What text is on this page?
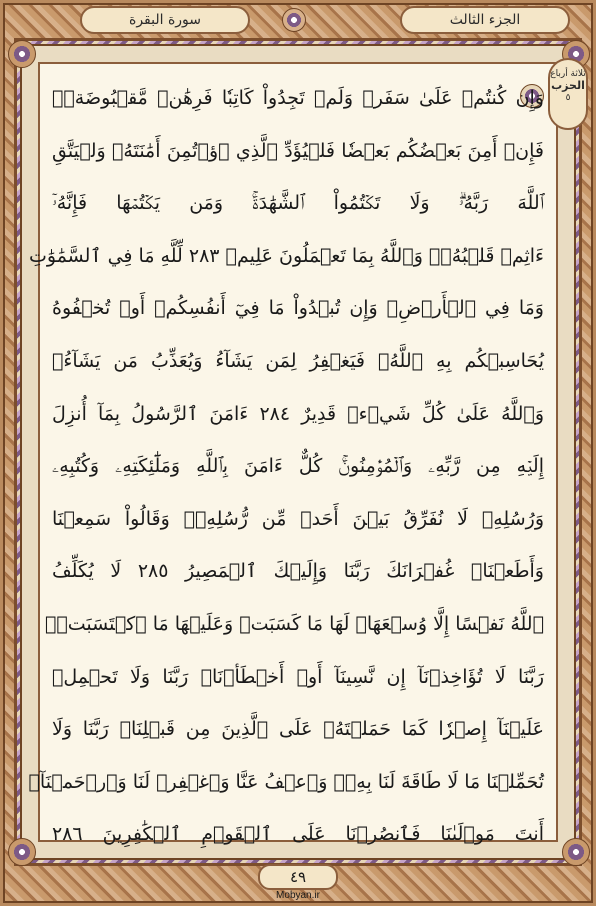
سورة البقرة	الجزء الثالث
ثلاثة أرباع
الحزب
٥
وَإِن كُنتُمۡ عَلَىٰ سَفَرٖ وَلَمۡ تَجِدُواْ كَاتِبٗا فَرِهَٰنٞ مَّقۡبُوضَةٞۖ
فَإِنۡ أَمِنَ بَعۡضُكُم بَعۡضٗا فَلۡيُؤَدِّ ٱلَّذِي ٱؤۡتُمِنَ أَمَٰنَتَهُۥ وَلۡيَتَّقِ
ٱللَّهَ رَبَّهُۥۗ وَلَا تَكۡتُمُواْ ٱلشَّهَٰدَةَۚ وَمَن يَكۡتُمۡهَا فَإِنَّهُۥٓ
ءَاثِمٞ قَلۡبُهُۥۗ وَٱللَّهُ بِمَا تَعۡمَلُونَ عَلِيمٞ ٢٨٣ لِّلَّهِ مَا فِي ٱلسَّمَٰوَٰتِ
وَمَا فِي ٱلۡأَرۡضِۗ وَإِن تُبۡدُواْ مَا فِيٓ أَنفُسِكُمۡ أَوۡ تُخۡفُوهُ
يُحَاسِبۡكُم بِهِ ٱللَّهُۖ فَيَغۡفِرُ لِمَن يَشَآءُ وَيُعَذِّبُ مَن يَشَآءُۗ
وَٱللَّهُ عَلَىٰ كُلِّ شَيۡءٖ قَدِيرٌ ٢٨٤ ءَامَنَ ٱلرَّسُولُ بِمَآ أُنزِلَ
إِلَيۡهِ مِن رَّبِّهِۦ وَٱلۡمُؤۡمِنُونَۚ كُلٌّ ءَامَنَ بِٱللَّهِ وَمَلَٰٓئِكَتِهِۦ وَكُتُبِهِۦ
وَرُسُلِهِۦ لَا نُفَرِّقُ بَيۡنَ أَحَدٖ مِّن رُّسُلِهِۦۚ وَقَالُواْ سَمِعۡنَا
وَأَطَعۡنَاۖ غُفۡرَانَكَ رَبَّنَا وَإِلَيۡكَ ٱلۡمَصِيرُ ٢٨٥ لَا يُكَلِّفُ
ٱللَّهُ نَفۡسًا إِلَّا وُسۡعَهَاۚ لَهَا مَا كَسَبَتۡ وَعَلَيۡهَا مَا ٱكۡتَسَبَتۡۗ
رَبَّنَا لَا تُؤَاخِذۡنَآ إِن نَّسِينَآ أَوۡ أَخۡطَأۡنَاۚ رَبَّنَا وَلَا تَحۡمِلۡ
عَلَيۡنَآ إِصۡرٗا كَمَا حَمَلۡتَهُۥ عَلَى ٱلَّذِينَ مِن قَبۡلِنَاۚ رَبَّنَا وَلَا
تُحَمِّلۡنَا مَا لَا طَاقَةَ لَنَا بِهِۦۖ وَٱعۡفُ عَنَّا وَٱغۡفِرۡ لَنَا وَٱرۡحَمۡنَآۚ
أَنتَ مَوۡلَىٰنَا فَٱنصُرۡنَا عَلَى ٱلۡقَوۡمِ ٱلۡكَٰفِرِينَ ٢٨٦
٤٩
Mobyan.ir
